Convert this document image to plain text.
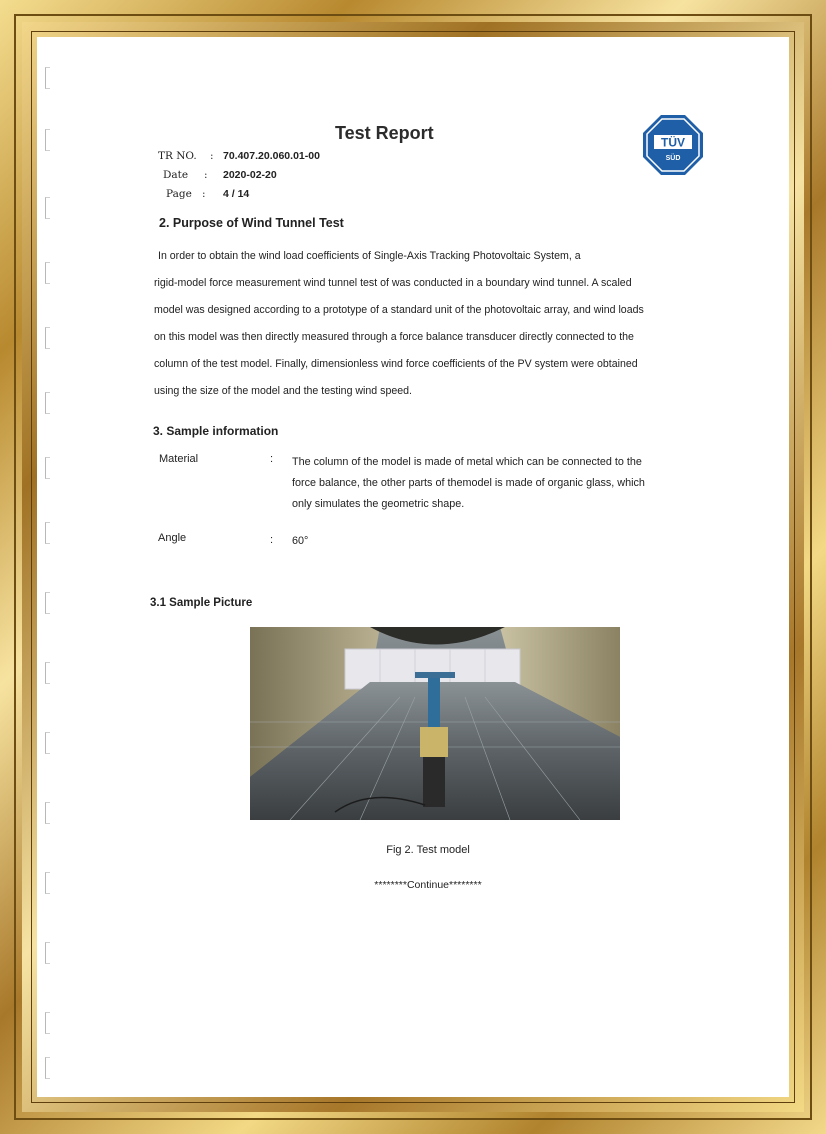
Test Report
TR NO. : 70.407.20.060.01-00
Date : 2020-02-20
Page : 4 / 14
TÜV
SÜD
2. Purpose of Wind Tunnel Test
In order to obtain the wind load coefficients of Single-Axis Tracking Photovoltaic System, a
rigid-model force measurement wind tunnel test of was conducted in a boundary wind tunnel. A scaled
model was designed according to a prototype of a standard unit of the photovoltaic array, and wind loads
on this model was then directly measured through a force balance transducer directly connected to the
column of the test model. Finally, dimensionless wind force coefficients of the PV system were obtained
using the size of the model and the testing wind speed.
3. Sample information
Material	: The column of the model is made of metal which can be connected to the
force balance, the other parts of themodel is made of organic glass, which
only simulates the geometric shape.
Angle	: 60°
3.1 Sample Picture
Fig 2. Test model
********Continue********
